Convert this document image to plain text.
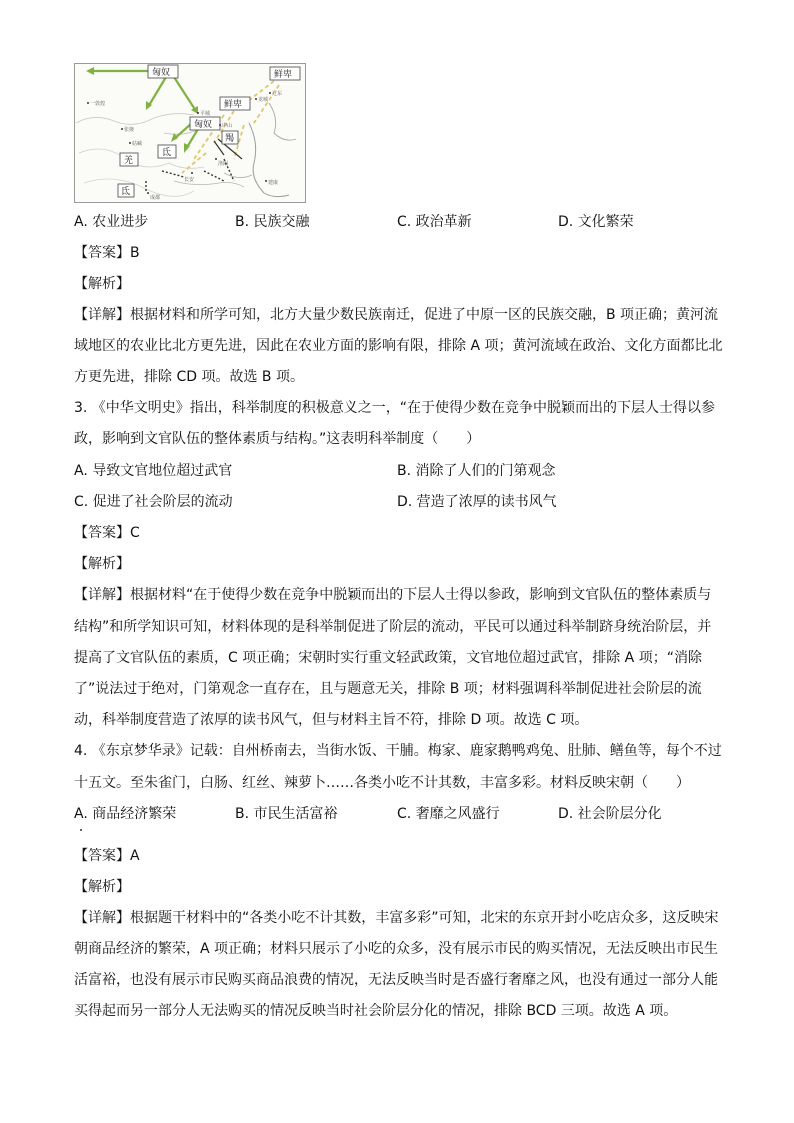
匈奴	鲜卑
鲜卑
匈奴
羯
氐
羌
氐
一敦煌
张掖
姑臧
平城
中山
龙城
辽东
长安
洛阳
成都
建康
A. 农业进步	B. 民族交融	C. 政治革新	D. 文化繁荣
【答案】B
【解析】
【详解】根据材料和所学可知，北方大量少数民族南迁，促进了中原一区的民族交融，B 项正确；黄河流
域地区的农业比北方更先进，因此在农业方面的影响有限，排除 A 项；黄河流域在政治、文化方面都比北
方更先进，排除 CD 项。故选 B 项。
3. 《中华文明史》指出，科举制度的积极意义之一，“在于使得少数在竞争中脱颖而出的下层人士得以参
政，影响到文官队伍的整体素质与结构。”这表明科举制度（　　）
A. 导致文官地位超过武官	B. 消除了人们的门第观念
C. 促进了社会阶层的流动	D. 营造了浓厚的读书风气
【答案】C
【解析】
【详解】根据材料“在于使得少数在竞争中脱颖而出的下层人士得以参政，影响到文官队伍的整体素质与
结构”和所学知识可知，材料体现的是科举制促进了阶层的流动，平民可以通过科举制跻身统治阶层，并
提高了文官队伍的素质，C 项正确；宋朝时实行重文轻武政策，文官地位超过武官，排除 A 项；“消除
了”说法过于绝对，门第观念一直存在，且与题意无关，排除 B 项；材料强调科举制促进社会阶层的流
动，科举制度营造了浓厚的读书风气，但与材料主旨不符，排除 D 项。故选 C 项。
4. 《东京梦华录》记载：自州桥南去，当街水饭、干脯。梅家、鹿家鹅鸭鸡兔、肚肺、鳝鱼等，每个不过
十五文。至朱雀门，白肠、红丝、辣萝卜……各类小吃不计其数，丰富多彩。材料反映宋朝（　　）
A. 商品经济繁荣	B. 市民生活富裕	C. 奢靡之风盛行	D. 社会阶层分化
【答案】A
【解析】
【详解】根据题干材料中的“各类小吃不计其数，丰富多彩”可知，北宋的东京开封小吃店众多，这反映宋
朝商品经济的繁荣，A 项正确；材料只展示了小吃的众多，没有展示市民的购买情况，无法反映出市民生
活富裕，也没有展示市民购买商品浪费的情况，无法反映当时是否盛行奢靡之风，也没有通过一部分人能
买得起而另一部分人无法购买的情况反映当时社会阶层分化的情况，排除 BCD 三项。故选 A 项。
